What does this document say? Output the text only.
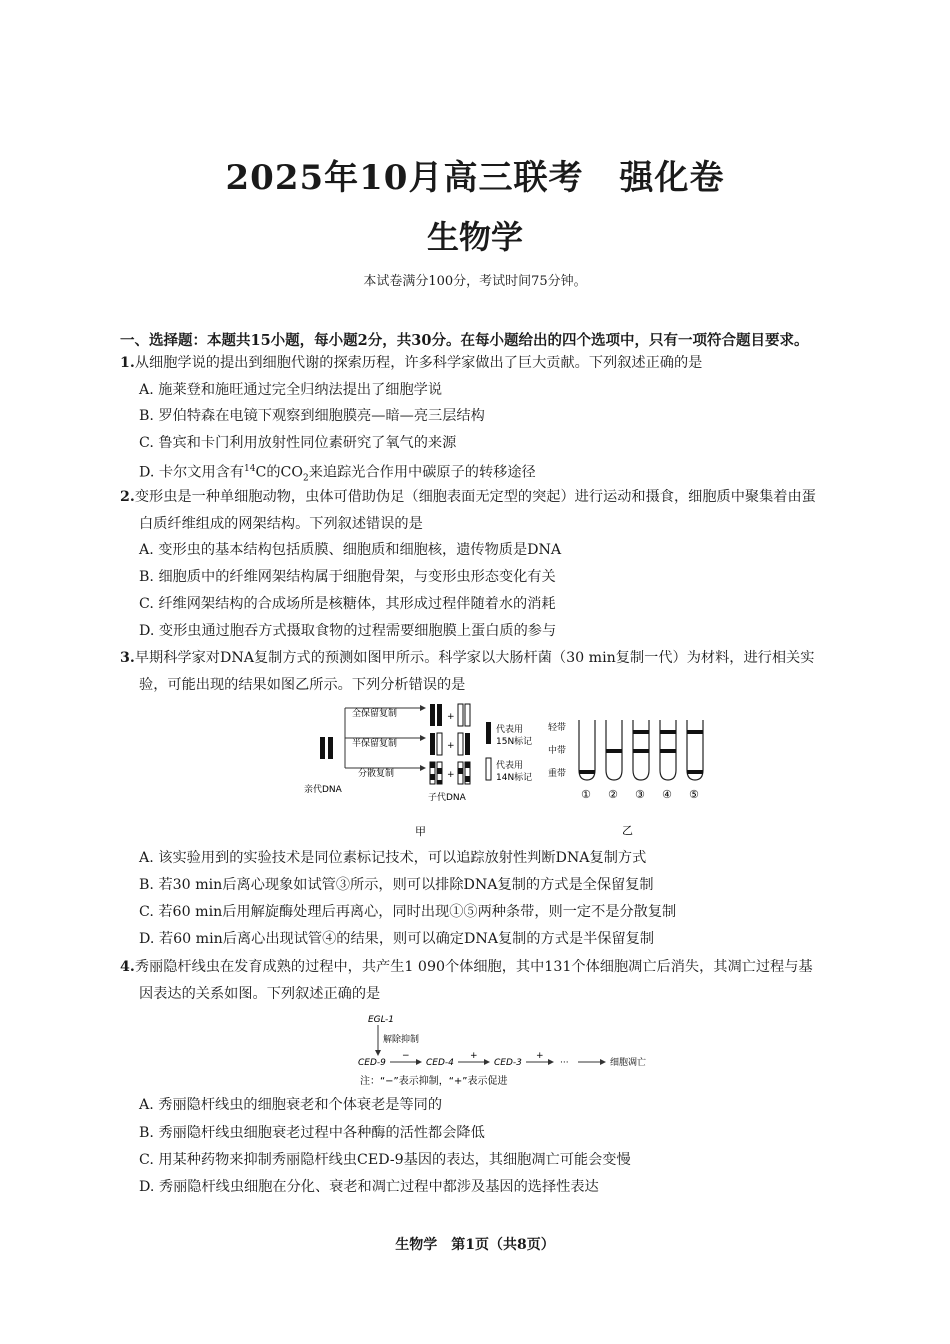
2025年10月高三联考 强化卷
生物学
本试卷满分100分，考试时间75分钟。
一、选择题：本题共15小题，每小题2分，共30分。在每小题给出的四个选项中，只有一项符合题目要求。
1.从细胞学说的提出到细胞代谢的探索历程，许多科学家做出了巨大贡献。下列叙述正确的是
A. 施莱登和施旺通过完全归纳法提出了细胞学说
B. 罗伯特森在电镜下观察到细胞膜亮—暗—亮三层结构
C. 鲁宾和卡门利用放射性同位素研究了氧气的来源
D. 卡尔文用含有$^{14}$C的$CO_2$来追踪光合作用中碳原子的转移途径
2.变形虫是一种单细胞动物，虫体可借助伪足（细胞表面无定型的突起）进行运动和摄食，细胞质中聚集着由蛋
白质纤维组成的网架结构。下列叙述错误的是
A. 变形虫的基本结构包括质膜、细胞质和细胞核，遗传物质是DNA
B. 细胞质中的纤维网架结构属于细胞骨架，与变形虫形态变化有关
C. 纤维网架结构的合成场所是核糖体，其形成过程伴随着水的消耗
D. 变形虫通过胞吞方式摄取食物的过程需要细胞膜上蛋白质的参与
3.早期科学家对DNA复制方式的预测如图甲所示。科学家以大肠杆菌（30 min复制一代）为材料，进行相关实
验，可能出现的结果如图乙所示。下列分析错误的是
亲代DNA
全保留复制
半保留复制
分散复制
+
+
+
子代DNA
代表用
15N标记
代表用
14N标记
甲
轻带
中带
重带
① ② ③ ④ ⑤
乙
A. 该实验用到的实验技术是同位素标记技术，可以追踪放射性判断DNA复制方式
B. 若30 min后离心现象如试管③所示，则可以排除DNA复制的方式是全保留复制
C. 若60 min后用解旋酶处理后再离心，同时出现①⑤两种条带，则一定不是分散复制
D. 若60 min后离心出现试管④的结果，则可以确定DNA复制的方式是半保留复制
4.秀丽隐杆线虫在发育成熟的过程中，共产生1 090个体细胞，其中131个体细胞凋亡后消失，其凋亡过程与基
因表达的关系如图。下列叙述正确的是
EGL-1
解除抑制
CED-9
−
CED-4
+
CED-3
+
···	细胞凋亡
注：“−”表示抑制，“+”表示促进
A. 秀丽隐杆线虫的细胞衰老和个体衰老是等同的
B. 秀丽隐杆线虫细胞衰老过程中各种酶的活性都会降低
C. 用某种药物来抑制秀丽隐杆线虫CED-9基因的表达，其细胞凋亡可能会变慢
D. 秀丽隐杆线虫细胞在分化、衰老和凋亡过程中都涉及基因的选择性表达
生物学　第1页（共8页）
